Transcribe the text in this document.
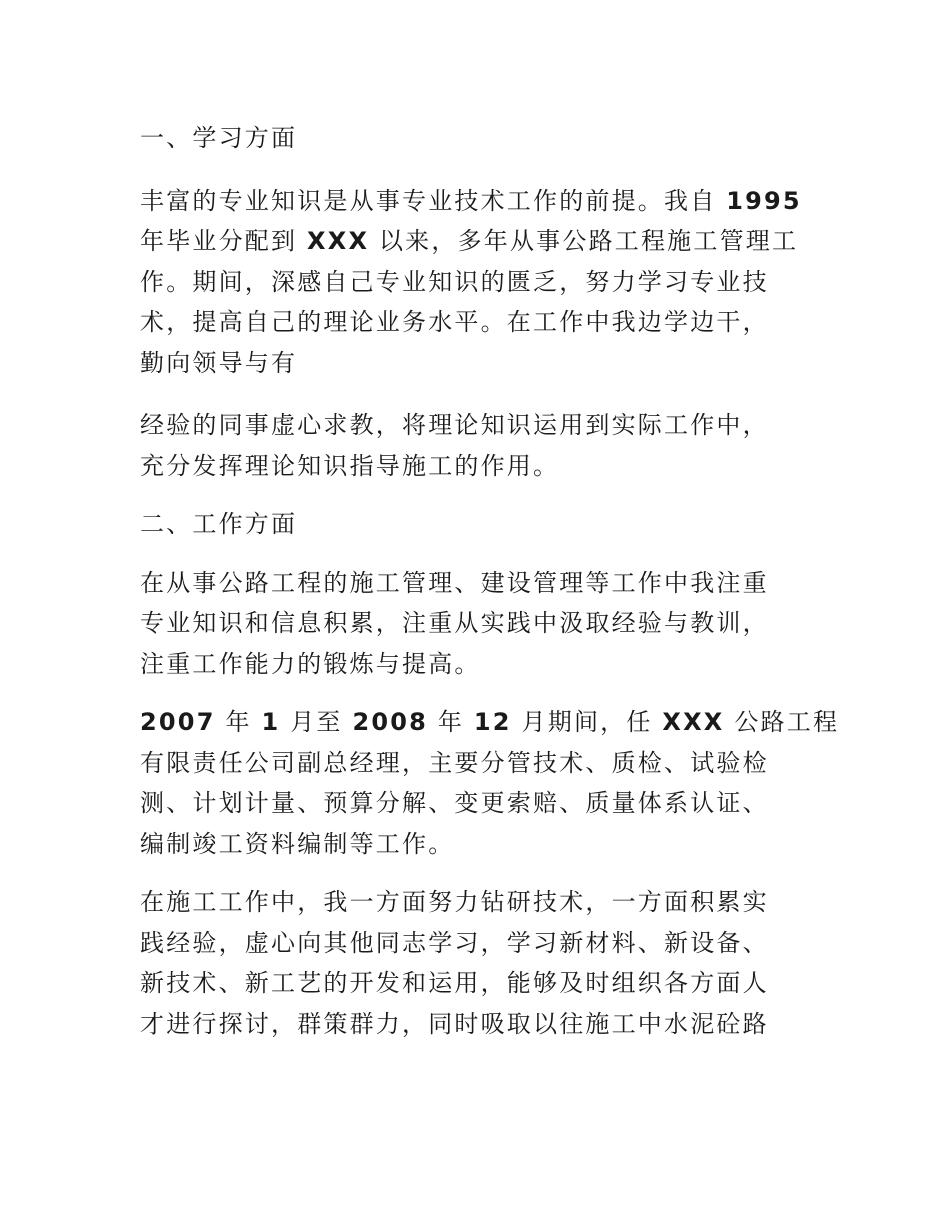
一、学习方面

丰富的专业知识是从事专业技术工作的前提。我自 1995
年毕业分配到 XXX 以来，多年从事公路工程施工管理工
作。期间，深感自己专业知识的匮乏，努力学习专业技
术，提高自己的理论业务水平。在工作中我边学边干，
勤向领导与有

经验的同事虚心求教，将理论知识运用到实际工作中，
充分发挥理论知识指导施工的作用。

二、工作方面

在从事公路工程的施工管理、建设管理等工作中我注重
专业知识和信息积累，注重从实践中汲取经验与教训，
注重工作能力的锻炼与提高。

2007 年 1 月至 2008 年 12 月期间，任 XXX 公路工程
有限责任公司副总经理，主要分管技术、质检、试验检
测、计划计量、预算分解、变更索赔、质量体系认证、
编制竣工资料编制等工作。

在施工工作中，我一方面努力钻研技术，一方面积累实
践经验，虚心向其他同志学习，学习新材料、新设备、
新技术、新工艺的开发和运用，能够及时组织各方面人
才进行探讨，群策群力，同时吸取以往施工中水泥砼路
